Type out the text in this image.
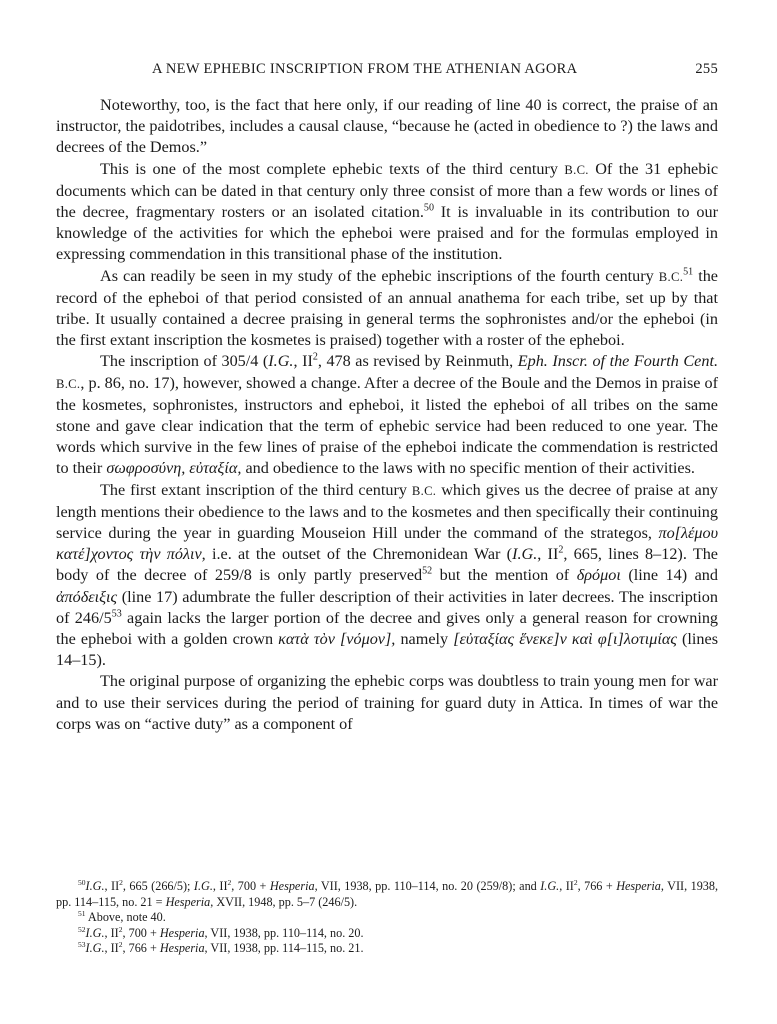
A NEW EPHEBIC INSCRIPTION FROM THE ATHENIAN AGORA	255

Noteworthy, too, is the fact that here only, if our reading of line 40 is correct, the praise of an instructor, the paidotribes, includes a causal clause, “because he (acted in obedience to ?) the laws and decrees of the Demos.”

This is one of the most complete ephebic texts of the third century B.C. Of the 31 ephebic documents which can be dated in that century only three consist of more than a few words or lines of the decree, fragmentary rosters or an isolated citation.$^{50}$ It is invaluable in its contribution to our knowledge of the activities for which the epheboi were praised and for the formulas employed in expressing commendation in this transitional phase of the institution.

As can readily be seen in my study of the ephebic inscriptions of the fourth century B.C.$^{51}$ the record of the epheboi of that period consisted of an annual anathema for each tribe, set up by that tribe. It usually contained a decree praising in general terms the sophronistes and/or the epheboi (in the first extant inscription the kosmetes is praised) together with a roster of the epheboi.

The inscription of 305/4 (I.G., $II^2$, 478 as revised by Reinmuth, Eph. Inscr. of the Fourth Cent. B.C., p. 86, no. 17), however, showed a change. After a decree of the Boule and the Demos in praise of the kosmetes, sophronistes, instructors and epheboi, it listed the epheboi of all tribes on the same stone and gave clear indication that the term of ephebic service had been reduced to one year. The words which survive in the few lines of praise of the epheboi indicate the commendation is restricted to their σωφροσύνη, εὐταξία, and obedience to the laws with no specific mention of their activities.

The first extant inscription of the third century B.C. which gives us the decree of praise at any length mentions their obedience to the laws and to the kosmetes and then specifically their continuing service during the year in guarding Mouseion Hill under the command of the strategos, πο[λέμου κατέ]χοντος τὴν πόλιν, i.e. at the outset of the Chremonidean War (I.G., $II^2$, 665, lines 8–12). The body of the decree of 259/8 is only partly preserved$^{52}$ but the mention of δρόμοι (line 14) and ἀπόδειξις (line 17) adumbrate the fuller description of their activities in later decrees. The inscription of $246/5^{53}$ again lacks the larger portion of the decree and gives only a general reason for crowning the epheboi with a golden crown κατὰ τὸν [νόμον], namely [εὐταξίας ἕνεκε]ν καὶ φ[ι]λοτιμίας (lines 14–15).

The original purpose of organizing the ephebic corps was doubtless to train young men for war and to use their services during the period of training for guard duty in Attica. In times of war the corps was on “active duty” as a component of

$^{50}$I.G., $II^2$, 665 (266/5); I.G., $II^2$, 700 + Hesperia, VII, 1938, pp. 110–114, no. 20 (259/8); and I.G., $II^2$, 766 + Hesperia, VII, 1938, pp. 114–115, no. 21 = Hesperia, XVII, 1948, pp. 5–7 (246/5).

$^{51}$ Above, note 40.

$^{52}$I.G., $II^2$, 700 + Hesperia, VII, 1938, pp. 110–114, no. 20.

$^{53}$I.G., $II^2$, 766 + Hesperia, VII, 1938, pp. 114–115, no. 21.
